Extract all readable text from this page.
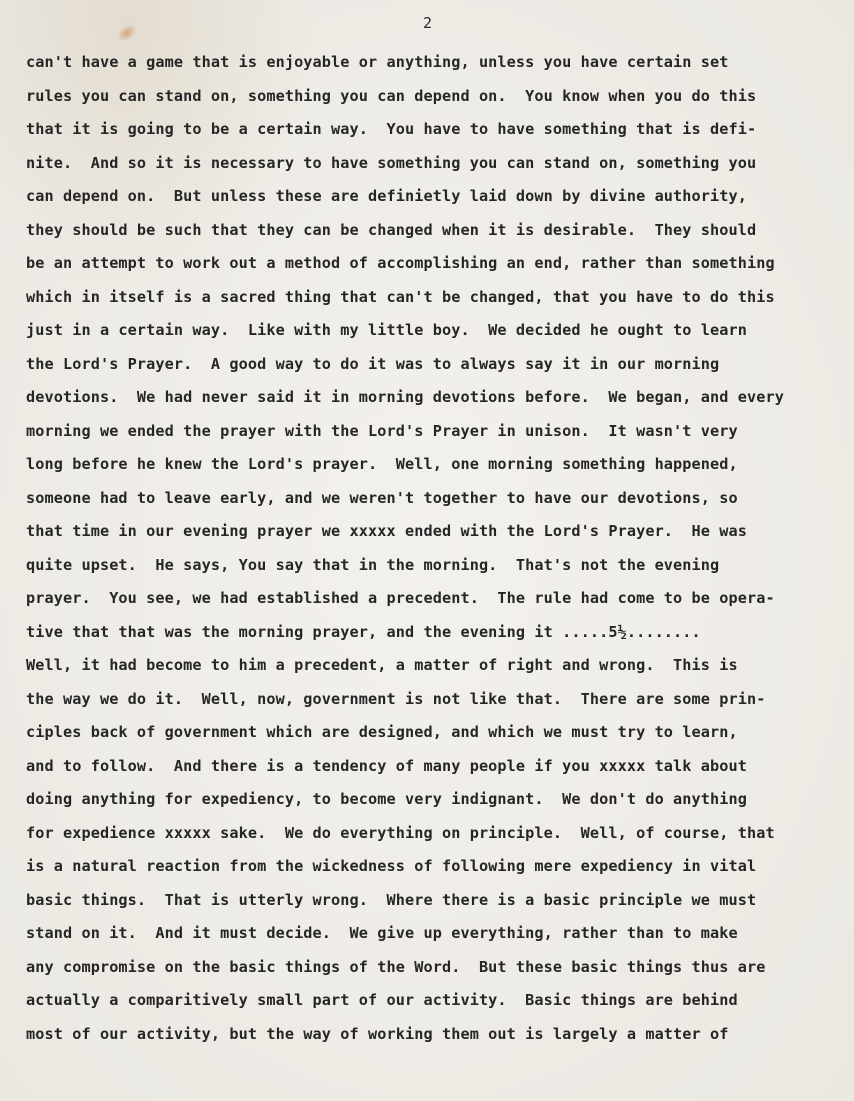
2

can't have a game that is enjoyable or anything, unless you have certain set
rules you can stand on, something you can depend on.  You know when you do this
that it is going to be a certain way.  You have to have something that is defi-
nite.  And so it is necessary to have something you can stand on, something you
can depend on.  But unless these are definietly laid down by divine authority,
they should be such that they can be changed when it is desirable.  They should
be an attempt to work out a method of accomplishing an end, rather than something
which in itself is a sacred thing that can't be changed, that you have to do this
just in a certain way.  Like with my little boy.  We decided he ought to learn
the Lord's Prayer.  A good way to do it was to always say it in our morning
devotions.  We had never said it in morning devotions before.  We began, and every
morning we ended the prayer with the Lord's Prayer in unison.  It wasn't very
long before he knew the Lord's prayer.  Well, one morning something happened,
someone had to leave early, and we weren't together to have our devotions, so
that time in our evening prayer we xxxxx ended with the Lord's Prayer.  He was
quite upset.  He says, You say that in the morning.  That's not the evening
prayer.  You see, we had established a precedent.  The rule had come to be opera-
tive that that was the morning prayer, and the evening it .....5½........
Well, it had become to him a precedent, a matter of right and wrong.  This is
the way we do it.  Well, now, government is not like that.  There are some prin-
ciples back of government which are designed, and which we must try to learn,
and to follow.  And there is a tendency of many people if you xxxxx talk about
doing anything for expediency, to become very indignant.  We don't do anything
for expedience xxxxx sake.  We do everything on principle.  Well, of course, that
is a natural reaction from the wickedness of following mere expediency in vital
basic things.  That is utterly wrong.  Where there is a basic principle we must
stand on it.  And it must decide.  We give up everything, rather than to make
any compromise on the basic things of the Word.  But these basic things thus are
actually a comparitively small part of our activity.  Basic things are behind
most of our activity, but the way of working them out is largely a matter of
